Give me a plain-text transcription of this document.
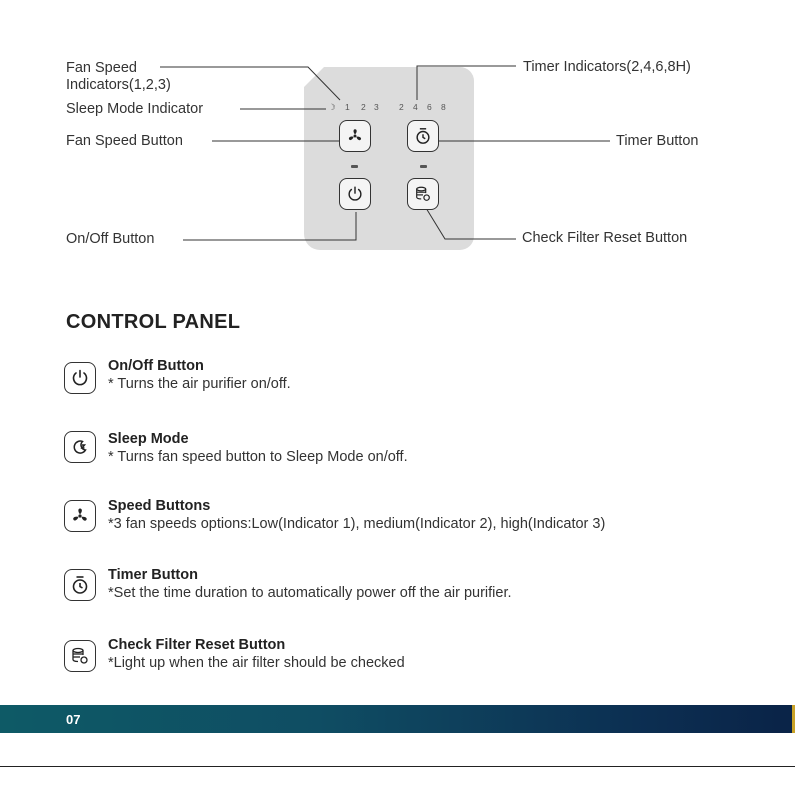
Fan Speed
Indicators(1,2,3)
Sleep Mode Indicator
Fan Speed Button
On/Off Button
Timer Indicators(2,4,6,8H)
Timer Button
Check Filter Reset Button
☽ 1 2 3 2 4 6 8
CONTROL PANEL
On/Off Button
* Turns the air purifier on/off.
Sleep Mode
* Turns fan speed button to Sleep Mode on/off.
Speed Buttons
*3 fan speeds options:Low(Indicator 1), medium(Indicator 2), high(Indicator 3)
Timer Button
*Set the time duration to automatically power off the air purifier.
Check Filter Reset Button
*Light up when the air filter should be checked
07
